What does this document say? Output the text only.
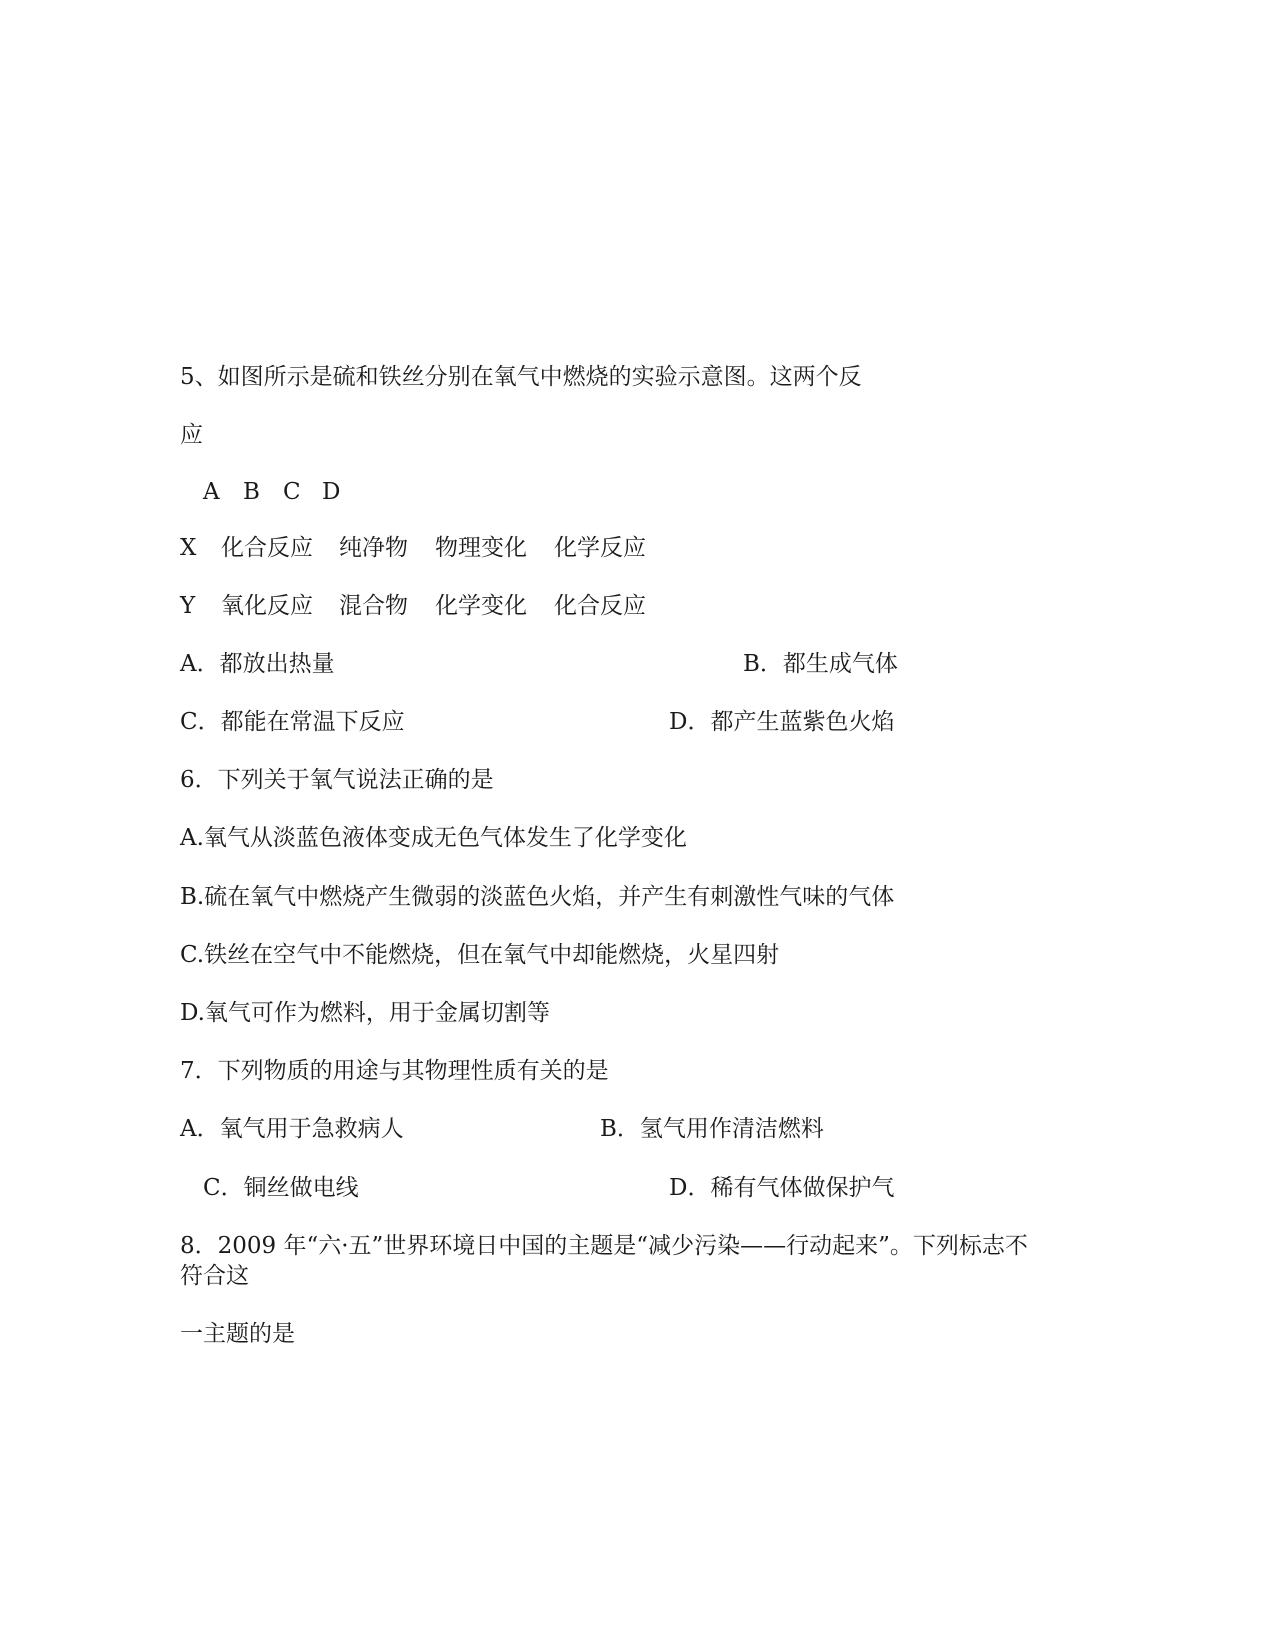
5、如图所示是硫和铁丝分别在氧气中燃烧的实验示意图。这两个反
应
A B C D
X 化合反应 纯净物 物理变化 化学反应
Y 氧化反应 混合物 化学变化 化合反应
A．都放出热量	B．都生成气体
C．都能在常温下反应	D．都产生蓝紫色火焰
6．下列关于氧气说法正确的是
A.氧气从淡蓝色液体变成无色气体发生了化学变化
B.硫在氧气中燃烧产生微弱的淡蓝色火焰，并产生有刺激性气味的气体
C.铁丝在空气中不能燃烧，但在氧气中却能燃烧，火星四射
D.氧气可作为燃料，用于金属切割等
7．下列物质的用途与其物理性质有关的是
A．氧气用于急救病人	B．氢气用作清洁燃料
C．铜丝做电线	D．稀有气体做保护气
8．2009 年“六·五”世界环境日中国的主题是“减少污染——行动起来”。下列标志不
符合这
一主题的是
